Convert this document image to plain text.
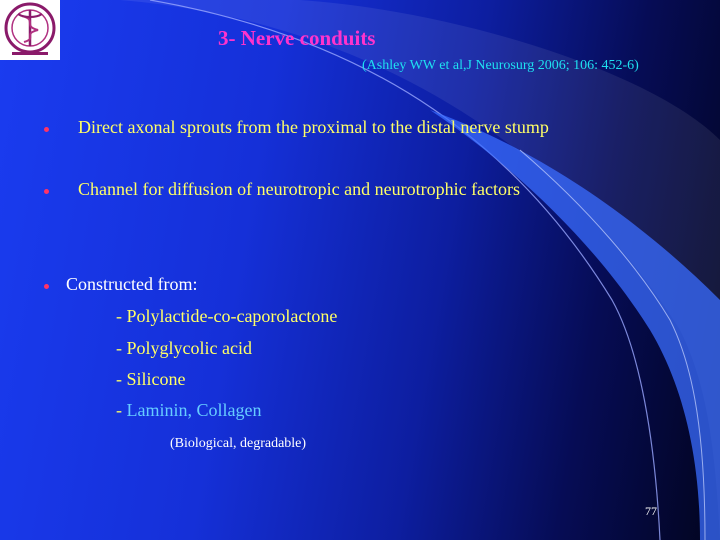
3- Nerve conduits
(Ashley WW et al,J Neurosurg 2006; 106: 452-6)
Direct axonal sprouts from the proximal to the distal nerve stump
Channel for diffusion of neurotropic and neurotrophic factors
Constructed from:
- Polylactide-co-caporolactone
- Polyglycolic acid
- Silicone
- Laminin, Collagen
(Biological, degradable)
77
